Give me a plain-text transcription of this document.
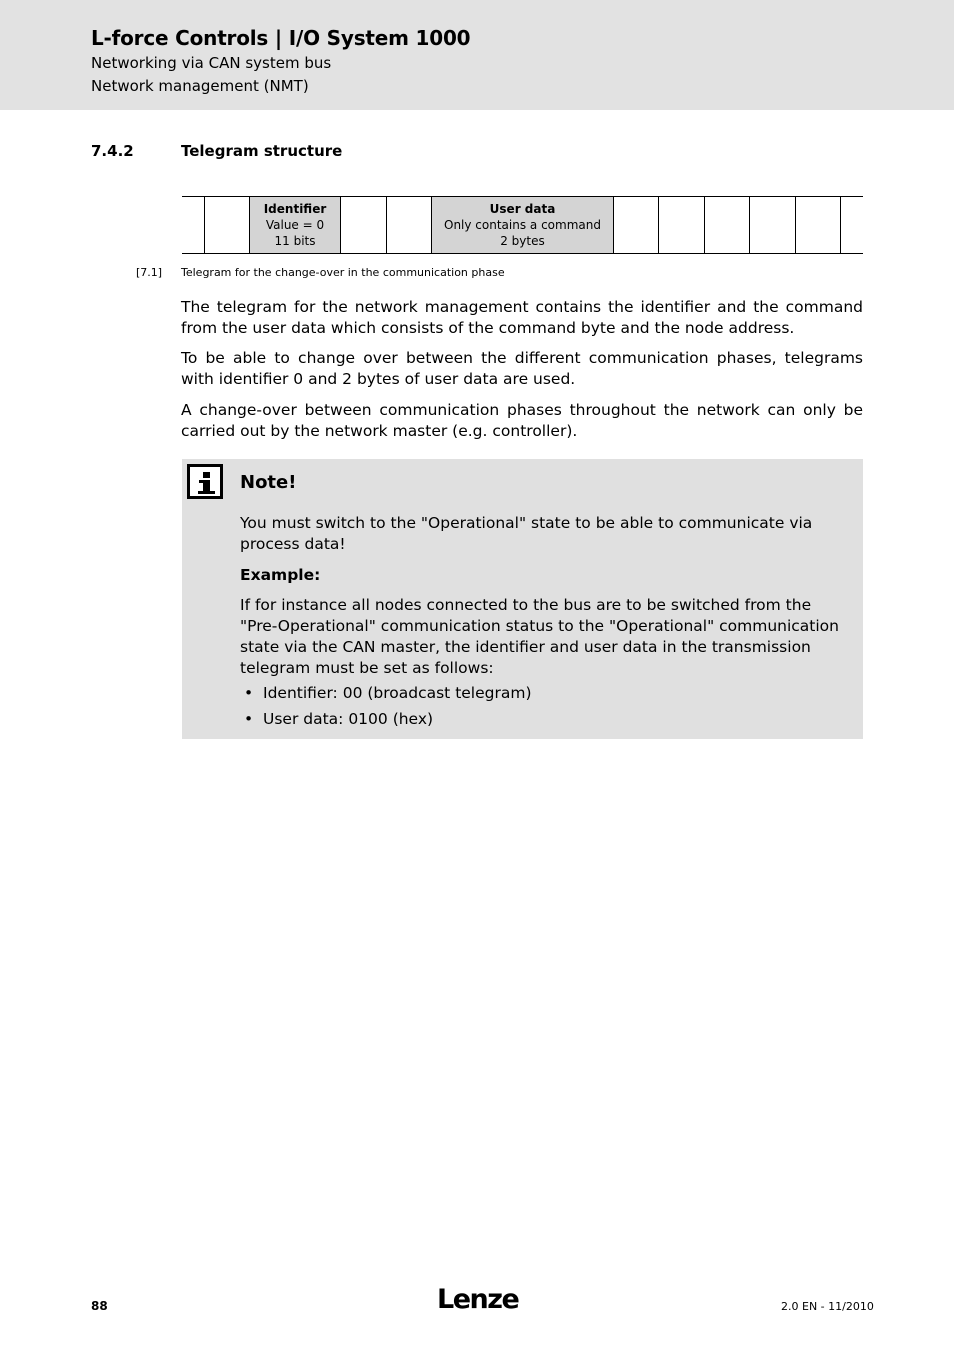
L-force Controls | I/O System 1000
Networking via CAN system bus
Network management (NMT)
7.4.2	Telegram structure
Identifier
Value = 0
11 bits
User data
Only contains a command
2 bytes
[7.1] Telegram for the change-over in the communication phase
The telegram for the network management contains the identifier and the command from the user data which consists of the command byte and the node address.
To be able to change over between the different communication phases, telegrams with identifier 0 and 2 bytes of user data are used.
A change-over between communication phases throughout the network can only be carried out by the network master (e.g. controller).
Note!
You must switch to the "Operational" state to be able to communicate via process data!
Example:
If for instance all nodes connected to the bus are to be switched from the "Pre-Operational" communication status to the "Operational" communication state via the CAN master, the identifier and user data in the transmission telegram must be set as follows:
• Identifier: 00 (broadcast telegram)
• User data: 0100 (hex)
88	Lenze	2.0 EN - 11/2010
